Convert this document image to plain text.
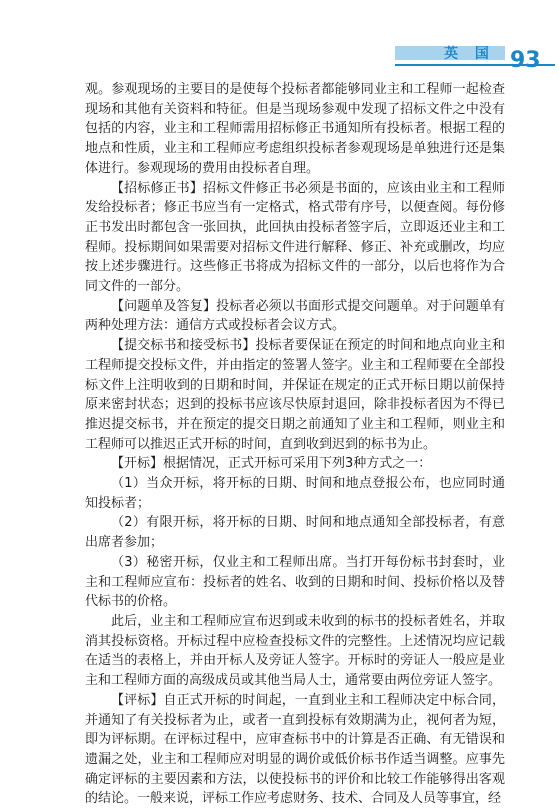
英 国 93

观。参观现场的主要目的是使每个投标者都能够同业主和工程师一起检查现场和其他有关资料和特征。但是当现场参观中发现了招标文件之中没有包括的内容，业主和工程师需用招标修正书通知所有投标者。根据工程的地点和性质，业主和工程师应考虑组织投标者参观现场是单独进行还是集体进行。参观现场的费用由投标者自理。

【招标修正书】招标文件修正书必须是书面的，应该由业主和工程师发给投标者；修正书应当有一定格式，格式带有序号，以便查阅。每份修正书发出时都包含一张回执，此回执由投标者签字后，立即返还业主和工程师。投标期间如果需要对招标文件进行解释、修正、补充或删改，均应按上述步骤进行。这些修正书将成为招标文件的一部分，以后也将作为合同文件的一部分。

【问题单及答复】投标者必须以书面形式提交问题单。对于问题单有两种处理方法：通信方式或投标者会议方式。

【提交标书和接受标书】投标者要保证在预定的时间和地点向业主和工程师提交投标文件，并由指定的签署人签字。业主和工程师要在全部投标文件上注明收到的日期和时间，并保证在规定的正式开标日期以前保持原来密封状态；迟到的投标书应该尽快原封退回，除非投标者因为不得已推迟提交标书，并在预定的提交日期之前通知了业主和工程师，则业主和工程师可以推迟正式开标的时间，直到收到迟到的标书为止。

【开标】根据情况，正式开标可采用下列3种方式之一：

（1）当众开标，将开标的日期、时间和地点登报公布，也应同时通知投标者；

（2）有限开标，将开标的日期、时间和地点通知全部投标者，有意出席者参加；

（3）秘密开标，仅业主和工程师出席。当打开每份标书封套时，业主和工程师应宣布：投标者的姓名、收到的日期和时间、投标价格以及替代标书的价格。

此后，业主和工程师应宣布迟到或未收到的标书的投标者姓名，并取消其投标资格。开标过程中应检查投标文件的完整性。上述情况均应记载在适当的表格上，并由开标人及旁证人签字。开标时的旁证人一般应是业主和工程师方面的高级成员或其他当局人士，通常要由两位旁证人签字。

【评标】自正式开标的时间起，一直到业主和工程师决定中标合同，并通知了有关投标者为止，或者一直到投标有效期满为止，视何者为短，即为评标期。在评标过程中，应审查标书中的计算是否正确、有无错误和遗漏之处，业主和工程师应对明显的调价或低价标书作适当调整。应事先确定评标的主要因素和方法，以使投标书的评价和比较工作能够得出客观的结论。一般来说，评标工作应考虑财务、技术、合同及人员等事宜，经
